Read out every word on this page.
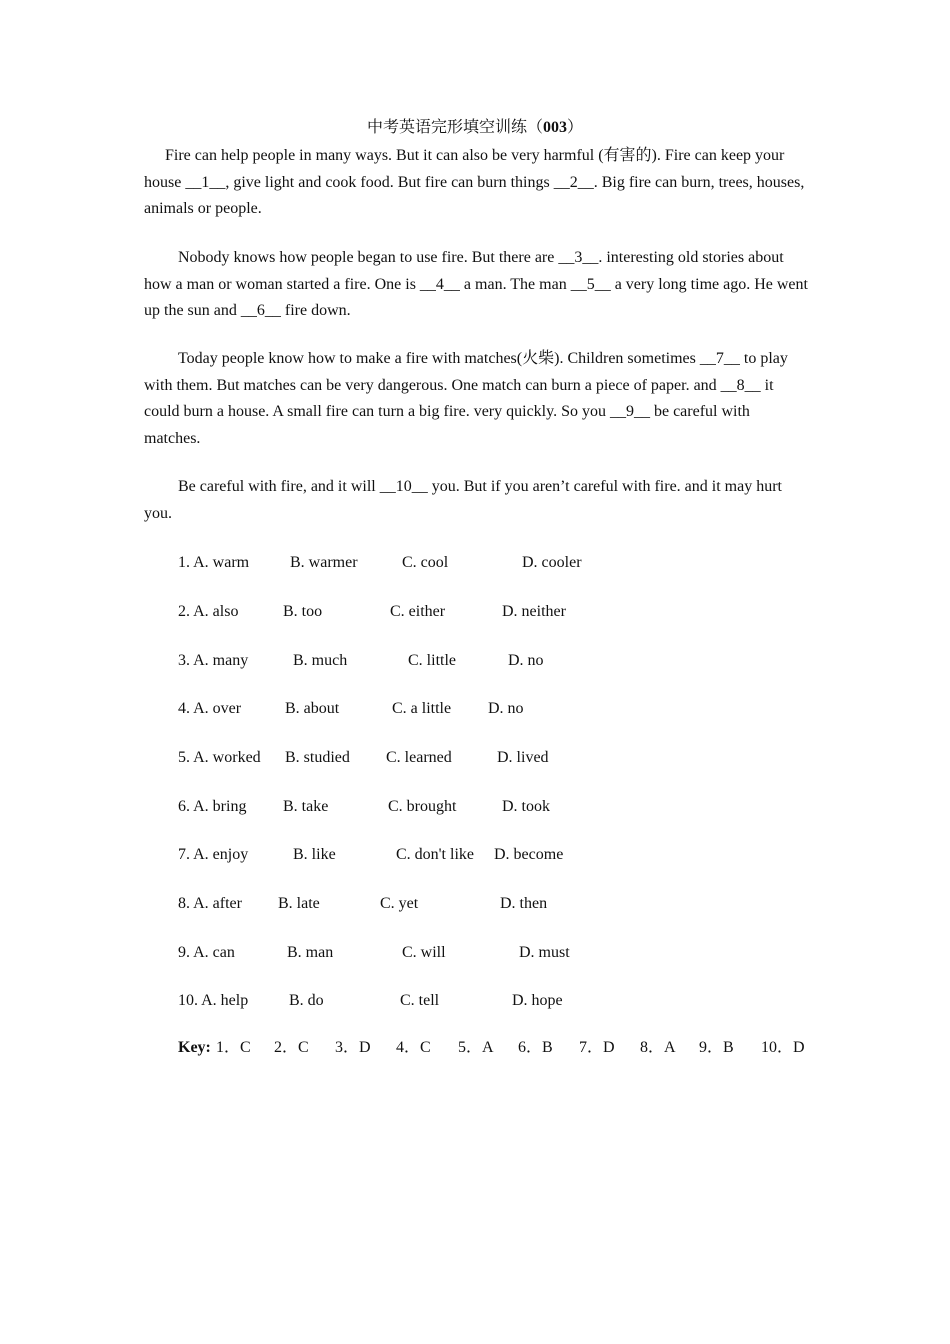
中考英语完形填空训练（003）

Fire can help people in many ways. But it can also be very harmful (有害的). Fire can keep your house __1__, give light and cook food. But fire can burn things __2__. Big fire can burn, trees, houses, animals or people.

Nobody knows how people began to use fire. But there are __3__. interesting old stories about how a man or woman started a fire. One is __4__ a man. The man __5__ a very long time ago. He went up the sun and __6__ fire down.

Today people know how to make a fire with matches(火柴). Children sometimes __7__ to play with them. But matches can be very dangerous. One match can burn a piece of paper. and __8__ it could burn a house. A small fire can turn a big fire. very quickly. So you __9__ be careful with matches.

Be careful with fire, and it will __10__ you. But if you aren’t careful with fire. and it may hurt you.

1. A. warm	B. warmer	C. cool	D. cooler
2. A. also	B. too	C. either	D. neither
3. A. many	B. much	C. little	D. no
4. A. over	B. about	C. a little D. no
5. A. worked B. studied C. learned	D. lived
6. A. bring B. take	C. brought	D. took
7. A. enjoy	B. like	C. don't like D. become
8. A. after B. late	C. yet	D. then
9. A. can	B. man	C. will	D. must
10. A. help	B. do	C. tell	D. hope
Key: 1．C 2．C 3．D 4．C 5．A 6．B 7．D 8．A 9．B 10．D
